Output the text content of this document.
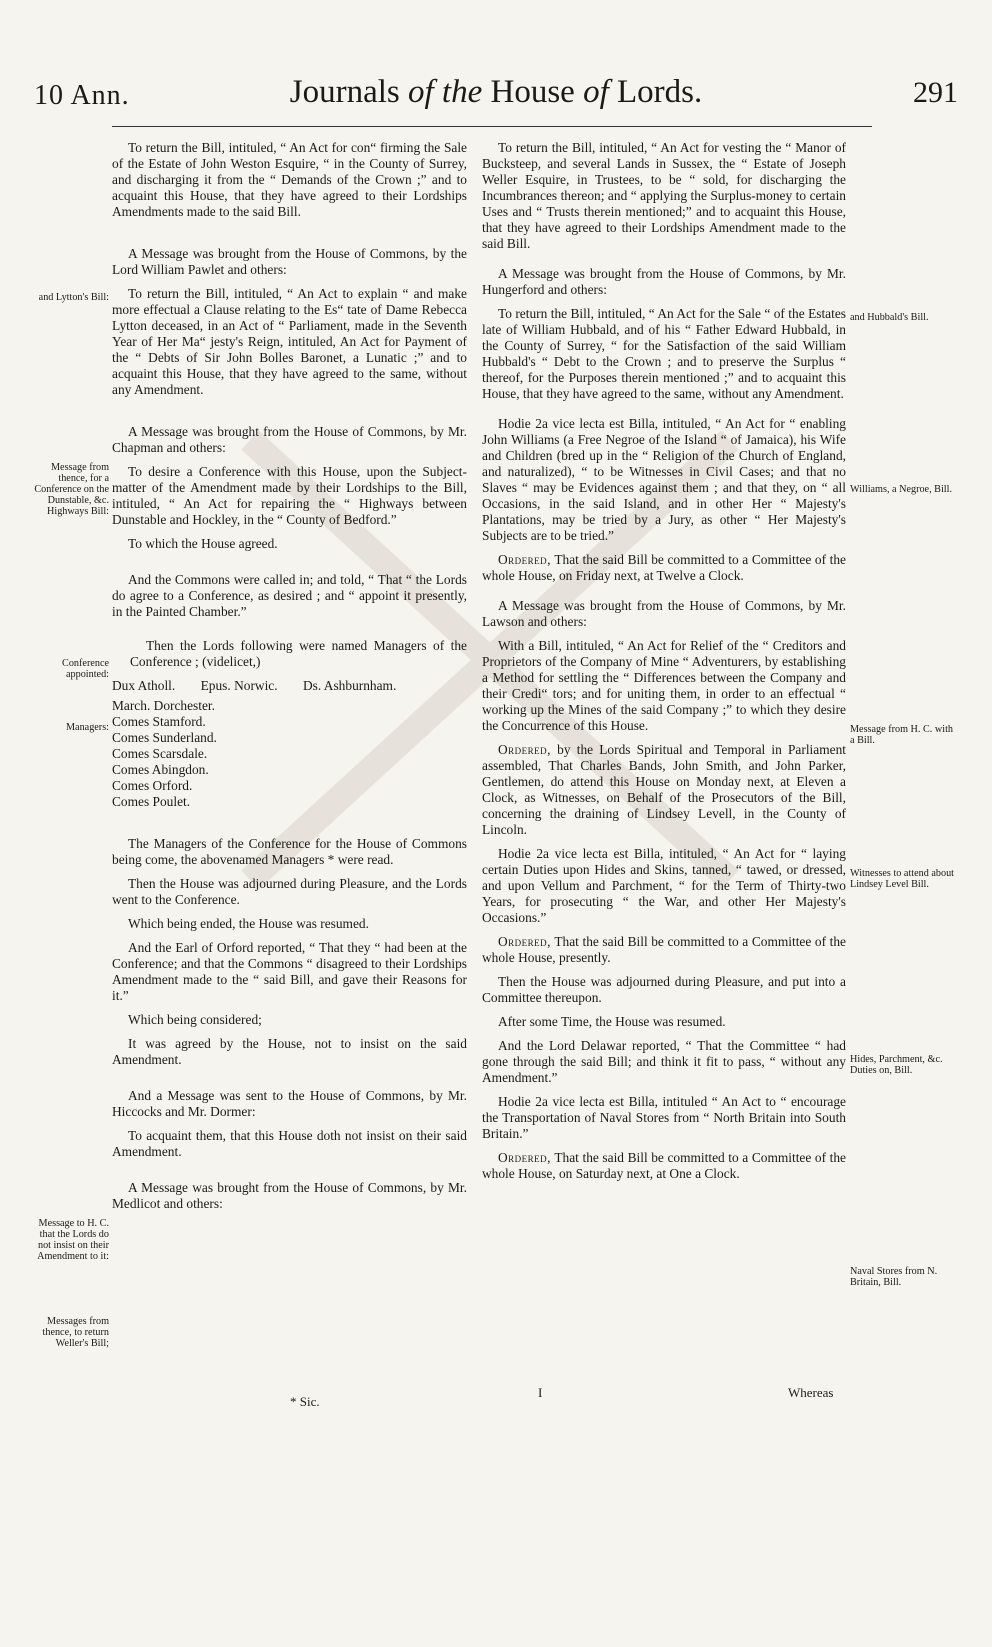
10 Ann.	Journals of the House of Lords.	291
and Lytton's Bill:
Message from thence, for a Conference on the Dunstable, &c. Highways Bill:
Conference appointed:
Managers:
Message to H. C. that the Lords do not insist on their Amendment to it:
Messages from thence, to return Weller's Bill;
and Hubbald's Bill.
Williams, a Negroe, Bill.
Message from H. C. with a Bill.
Witnesses to attend about Lindsey Level Bill.
Hides, Parchment, &c. Duties on, Bill.
Naval Stores from N. Britain, Bill.

To return the Bill, intituled, “ An Act for con“ firming the Sale of the Estate of John Weston Esquire, “ in the County of Surrey, and discharging it from the “ Demands of the Crown ;” and to acquaint this House, that they have agreed to their Lordships Amendments made to the said Bill.

A Message was brought from the House of Commons, by the Lord William Pawlet and others:

To return the Bill, intituled, “ An Act to explain “ and make more effectual a Clause relating to the Es“ tate of Dame Rebecca Lytton deceased, in an Act of “ Parliament, made in the Seventh Year of Her Ma“ jesty's Reign, intituled, An Act for Payment of the “ Debts of Sir John Bolles Baronet, a Lunatic ;” and to acquaint this House, that they have agreed to the same, without any Amendment.

A Message was brought from the House of Commons, by Mr. Chapman and others:

To desire a Conference with this House, upon the Subject-matter of the Amendment made by their Lordships to the Bill, intituled, “ An Act for repairing the “ Highways between Dunstable and Hockley, in the “ County of Bedford.”

To which the House agreed.

And the Commons were called in; and told, “ That “ the Lords do agree to a Conference, as desired ; and “ appoint it presently, in the Painted Chamber.”

Then the Lords following were named Managers of the Conference ; (videlicet,)

Dux Atholl. Epus. Norwic. Ds. Ashburnham.
March. Dorchester.
Comes Stamford.
Comes Sunderland.
Comes Scarsdale.
Comes Abingdon.
Comes Orford.
Comes Poulet.

The Managers of the Conference for the House of Commons being come, the abovenamed Managers * were read.

Then the House was adjourned during Pleasure, and the Lords went to the Conference.

Which being ended, the House was resumed.

And the Earl of Orford reported, “ That they “ had been at the Conference; and that the Commons “ disagreed to their Lordships Amendment made to the “ said Bill, and gave their Reasons for it.”

Which being considered;

It was agreed by the House, not to insist on the said Amendment.

And a Message was sent to the House of Commons, by Mr. Hiccocks and Mr. Dormer:

To acquaint them, that this House doth not insist on their said Amendment.

A Message was brought from the House of Commons, by Mr. Medlicot and others:

To return the Bill, intituled, “ An Act for vesting the “ Manor of Bucksteep, and several Lands in Sussex, the “ Estate of Joseph Weller Esquire, in Trustees, to be “ sold, for discharging the Incumbrances thereon; and “ applying the Surplus-money to certain Uses and “ Trusts therein mentioned;” and to acquaint this House, that they have agreed to their Lordships Amendment made to the said Bill.

A Message was brought from the House of Commons, by Mr. Hungerford and others:

To return the Bill, intituled, “ An Act for the Sale “ of the Estates late of William Hubbald, and of his “ Father Edward Hubbald, in the County of Surrey, “ for the Satisfaction of the said William Hubbald's “ Debt to the Crown ; and to preserve the Surplus “ thereof, for the Purposes therein mentioned ;” and to acquaint this House, that they have agreed to the same, without any Amendment.

Hodie 2a vice lecta est Billa, intituled, “ An Act for “ enabling John Williams (a Free Negroe of the Island “ of Jamaica), his Wife and Children (bred up in the “ Religion of the Church of England, and naturalized), “ to be Witnesses in Civil Cases; and that no Slaves “ may be Evidences against them ; and that they, on “ all Occasions, in the said Island, and in other Her “ Majesty's Plantations, may be tried by a Jury, as other “ Her Majesty's Subjects are to be tried.”

Ordered, That the said Bill be committed to a Committee of the whole House, on Friday next, at Twelve a Clock.

A Message was brought from the House of Commons, by Mr. Lawson and others:

With a Bill, intituled, “ An Act for Relief of the “ Creditors and Proprietors of the Company of Mine “ Adventurers, by establishing a Method for settling the “ Differences between the Company and their Credi“ tors; and for uniting them, in order to an effectual “ working up the Mines of the said Company ;” to which they desire the Concurrence of this House.

Ordered, by the Lords Spiritual and Temporal in Parliament assembled, That Charles Bands, John Smith, and John Parker, Gentlemen, do attend this House on Monday next, at Eleven a Clock, as Witnesses, on Behalf of the Prosecutors of the Bill, concerning the draining of Lindsey Levell, in the County of Lincoln.

Hodie 2a vice lecta est Billa, intituled, “ An Act for “ laying certain Duties upon Hides and Skins, tanned, “ tawed, or dressed, and upon Vellum and Parchment, “ for the Term of Thirty-two Years, for prosecuting “ the War, and other Her Majesty's Occasions.”

Ordered, That the said Bill be committed to a Committee of the whole House, presently.

Then the House was adjourned during Pleasure, and put into a Committee thereupon.

After some Time, the House was resumed.

And the Lord Delawar reported, “ That the Committee “ had gone through the said Bill; and think it fit to pass, “ without any Amendment.”

Hodie 2a vice lecta est Billa, intituled “ An Act to “ encourage the Transportation of Naval Stores from “ North Britain into South Britain.”

Ordered, That the said Bill be committed to a Committee of the whole House, on Saturday next, at One a Clock.

* Sic.
I	Whereas
